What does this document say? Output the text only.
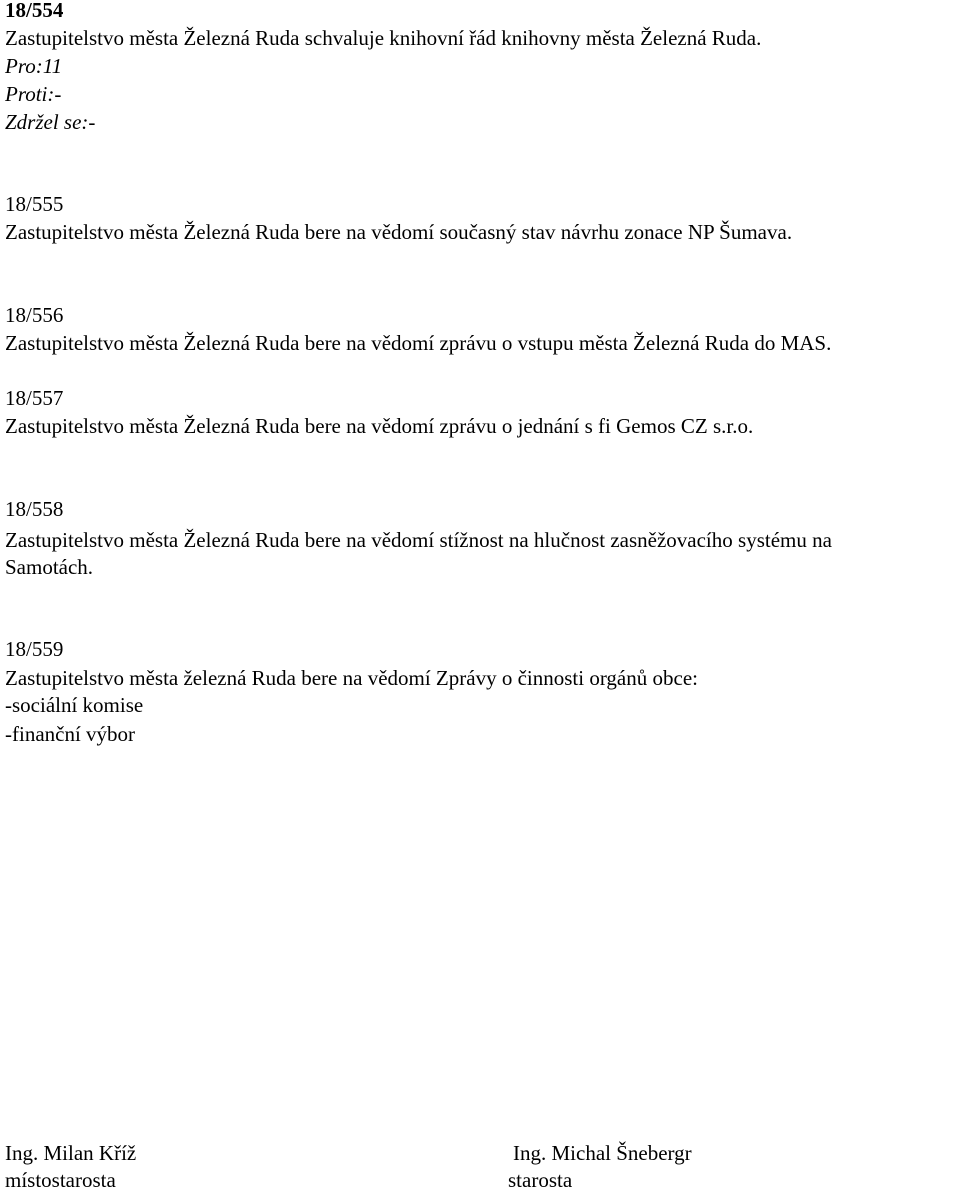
18/554
Zastupitelstvo města Železná Ruda schvaluje knihovní řád knihovny města Železná Ruda.
Pro:11
Proti:-
Zdržel se:-
18/555
Zastupitelstvo města Železná Ruda bere na vědomí současný stav návrhu zonace NP Šumava.
18/556
Zastupitelstvo města Železná Ruda bere na vědomí zprávu o vstupu města Železná Ruda do MAS.
18/557
Zastupitelstvo města Železná Ruda bere na vědomí zprávu o jednání s fi Gemos CZ s.r.o.
18/558
Zastupitelstvo města Železná Ruda bere na vědomí stížnost na hlučnost zasněžovacího systému na
Samotách.
18/559
Zastupitelstvo města železná Ruda bere na vědomí Zprávy o činnosti orgánů obce:
-sociální komise
-finanční výbor
Ing. Milan Kříž
místostarosta
Ing. Michal Šnebergr
starosta
